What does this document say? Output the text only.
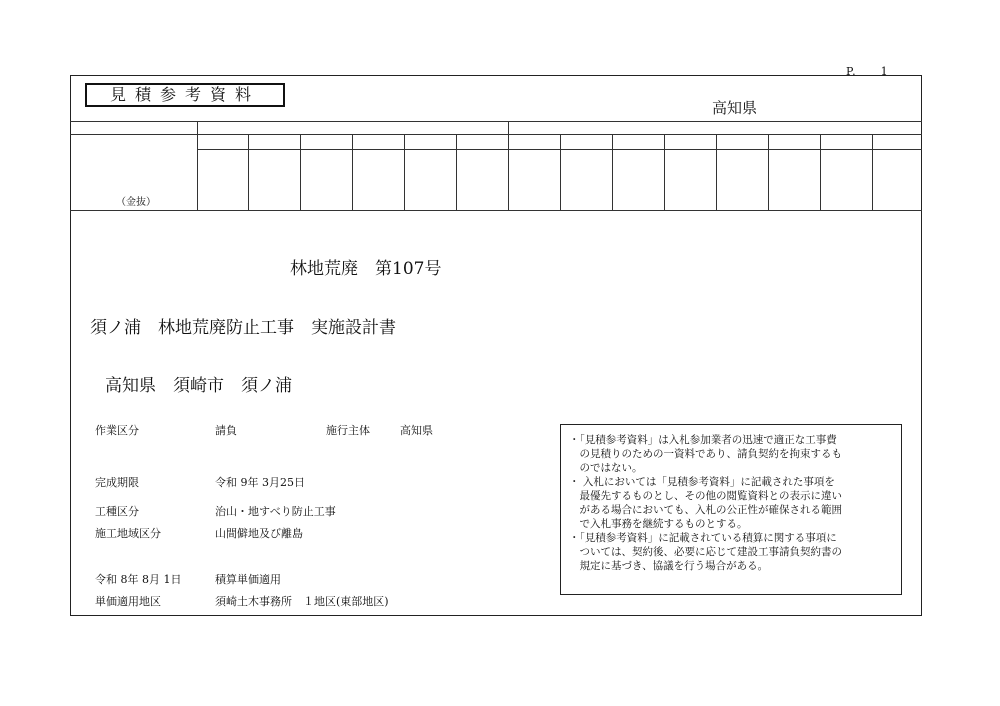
P.　　1
見積参考資料
高知県
（金抜）
林地荒廃　第107号
須ノ浦　林地荒廃防止工事　実施設計書
高知県　須崎市　須ノ浦
作業区分	請負	施行主体	高知県
完成期限	令和 9年 3月25日
工種区分	治山・地すべり防止工事
施工地域区分	山間僻地及び離島
令和 8年 8月 1日	積算単価適用
単価適用地区	須崎土木事務所　１地区(東部地区)
・「見積参考資料」は入札参加業者の迅速で適正な工事費
　の見積りのための一資料であり、請負契約を拘束するも
　のではない。
・ 入札においては「見積参考資料」に記載された事項を
　最優先するものとし、その他の閲覧資料との表示に違い
　がある場合においても、入札の公正性が確保される範囲
　で入札事務を継続するものとする。
・「見積参考資料」に記載されている積算に関する事項に
　ついては、契約後、必要に応じて建設工事請負契約書の
　規定に基づき、協議を行う場合がある。
